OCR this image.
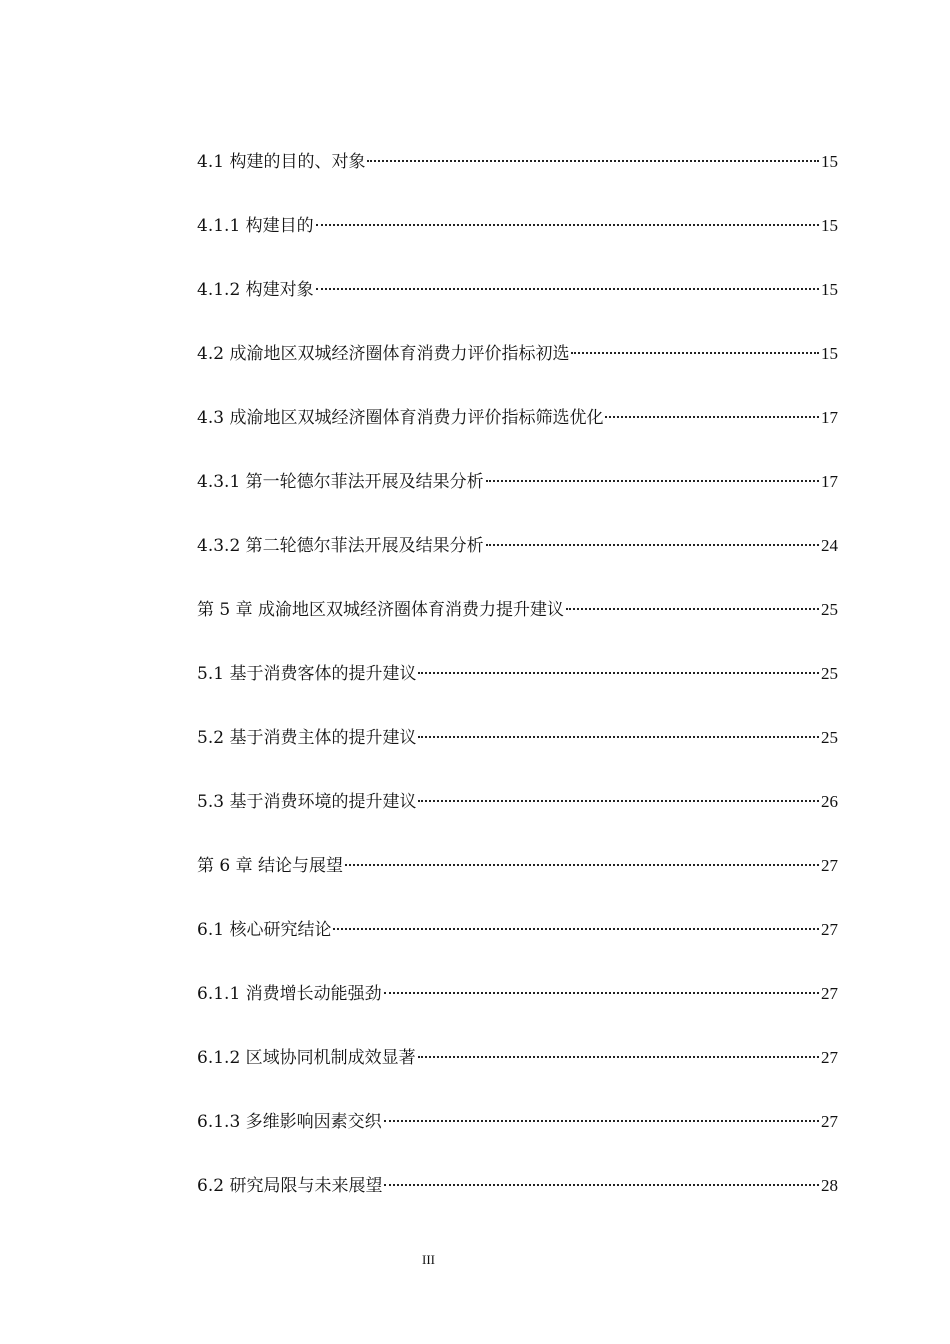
4.1 构建的目的、对象	15
4.1.1 构建目的	15
4.1.2 构建对象	15
4.2 成渝地区双城经济圈体育消费力评价指标初选	15
4.3 成渝地区双城经济圈体育消费力评价指标筛选优化	17
4.3.1 第一轮德尔菲法开展及结果分析	17
4.3.2 第二轮德尔菲法开展及结果分析	24
第 5 章 成渝地区双城经济圈体育消费力提升建议	25
5.1 基于消费客体的提升建议	25
5.2 基于消费主体的提升建议	25
5.3 基于消费环境的提升建议	26
第 6 章 结论与展望	27
6.1 核心研究结论	27
6.1.1 消费增长动能强劲	27
6.1.2 区域协同机制成效显著	27
6.1.3 多维影响因素交织	27
6.2 研究局限与未来展望	28
III
